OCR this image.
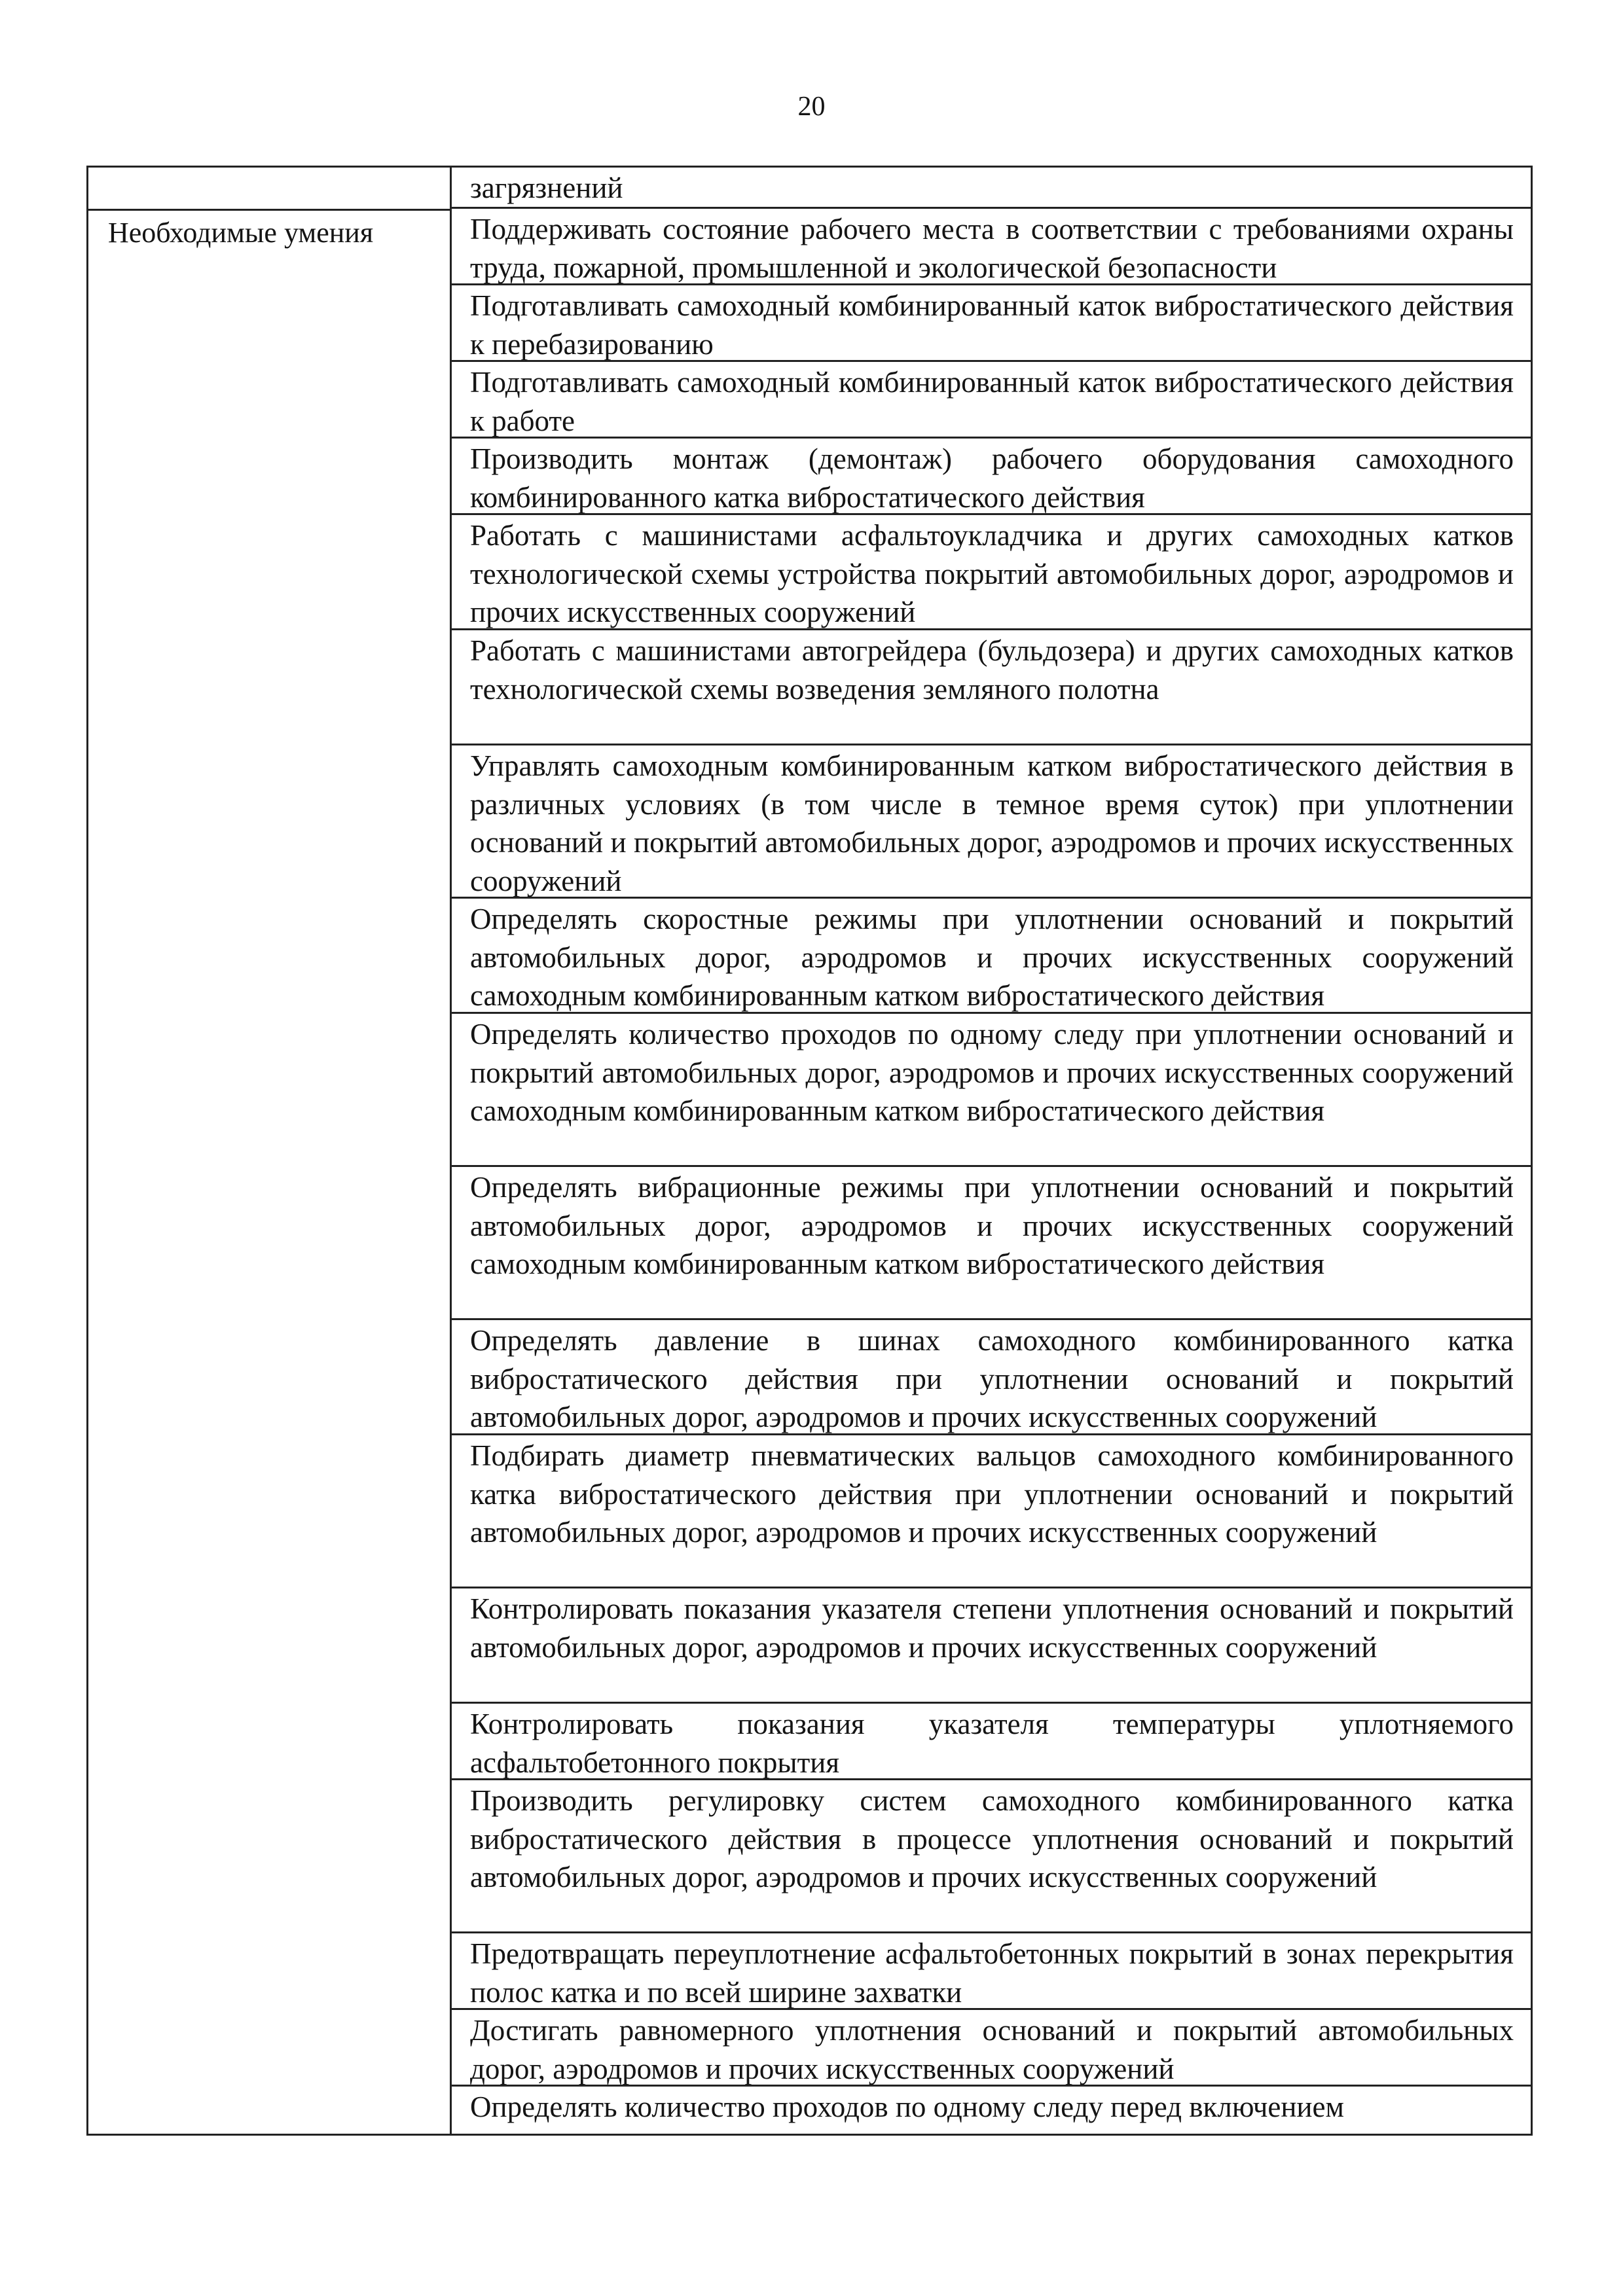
20
Необходимые умения
загрязнений
Поддерживать состояние рабочего места в соответствии с требованиями охраны труда, пожарной, промышленной и экологической безопасности
Подготавливать самоходный комбинированный каток вибростатического действия к перебазированию
Подготавливать самоходный комбинированный каток вибростатического действия к работе
Производить монтаж (демонтаж) рабочего оборудования самоходного комбинированного катка вибростатического действия
Работать с машинистами асфальтоукладчика и других самоходных катков технологической схемы устройства покрытий автомобильных дорог, аэродромов и прочих искусственных сооружений
Работать с машинистами автогрейдера (бульдозера) и других самоходных катков технологической схемы возведения земляного полотна
Управлять самоходным комбинированным катком вибростатического действия в различных условиях (в том числе в темное время суток) при уплотнении оснований и покрытий автомобильных дорог, аэродромов и прочих искусственных сооружений
Определять скоростные режимы при уплотнении оснований и покрытий автомобильных дорог, аэродромов и прочих искусственных сооружений самоходным комбинированным катком вибростатического действия
Определять количество проходов по одному следу при уплотнении оснований и покрытий автомобильных дорог, аэродромов и прочих искусственных сооружений самоходным комбинированным катком вибростатического действия
Определять вибрационные режимы при уплотнении оснований и покрытий автомобильных дорог, аэродромов и прочих искусственных сооружений самоходным комбинированным катком вибростатического действия
Определять давление в шинах самоходного комбинированного катка вибростатического действия при уплотнении оснований и покрытий автомобильных дорог, аэродромов и прочих искусственных сооружений
Подбирать диаметр пневматических вальцов самоходного комбинированного катка вибростатического действия при уплотнении оснований и покрытий автомобильных дорог, аэродромов и прочих искусственных сооружений
Контролировать показания указателя степени уплотнения оснований и покрытий автомобильных дорог, аэродромов и прочих искусственных сооружений
Контролировать показания указателя температуры уплотняемого асфальтобетонного покрытия
Производить регулировку систем самоходного комбинированного катка вибростатического действия в процессе уплотнения оснований и покрытий автомобильных дорог, аэродромов и прочих искусственных сооружений
Предотвращать переуплотнение асфальтобетонных покрытий в зонах перекрытия полос катка и по всей ширине захватки
Достигать равномерного уплотнения оснований и покрытий автомобильных дорог, аэродромов и прочих искусственных сооружений
Определять количество проходов по одному следу перед включением
